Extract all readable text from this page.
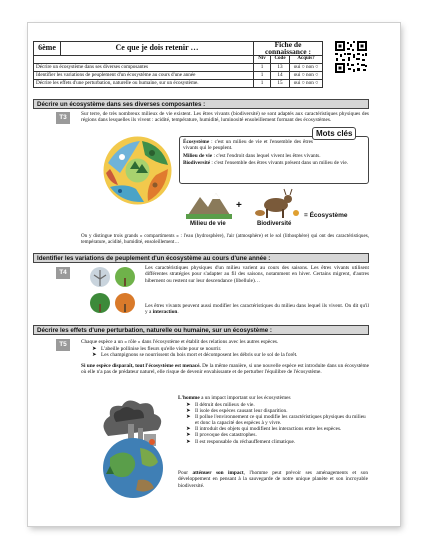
6ème	Ce que je dois retenir …	Fiche de connaissance :		
		Niv	Code	Acquis?
Décrire un écosystème dans ses diverses composantes		1	13	oui ○ non ○
Identifier les variations de peuplement d'un écosystème au cours d'une année		1	14	oui ○ non ○
Décrire les effets d'une perturbation, naturelle ou humaine, sur un écosystème.		1	15	oui ○ non ○
Décrire un écosystème dans ses diverses composantes :
T3	Sur terre, de très nombreux milieux de vie existent. Les êtres vivants (biodiversité) se sont adaptés aux caractéristiques physiques des régions dans lesquelles ils vivent : acidité, température, humidité, luminosité ensoleillement formant des écosystèmes.
Mots clés
Écosystème : c'est un milieu de vie et l'ensemble des êtres vivants qui le peuplent.
Milieu de vie : c'est l'endroit dans lequel vivent les êtres vivants.
Biodiversité : c'est l'ensemble des êtres vivants présent dans un milieu de vie.
Milieu de vie
+
Biodiversité
= Écosystème
On y distingue trois grands « compartiments » : l'eau (hydrosphère), l'air (atmosphère) et le sol (lithosphère) qui ont des caractéristiques, température, acidité, humidité, ensoleillement…
Identifier les variations de peuplement d'un écosystème au cours d'une année :
T4
Les caractéristiques physiques d'un milieu varient au cours des saisons. Les êtres vivants utilisent différentes stratégies pour s'adapter au fil des saisons, notamment en hiver. Certains migrent, d'autres hibernent ou restent sur leur descendance (libellule)…
Les êtres vivants peuvent aussi modifier les caractéristiques du milieu dans lequel ils vivent. On dit qu'il y a interaction.
Décrire les effets d'une perturbation, naturelle ou humaine, sur un écosystème :
T5	Chaque espèce a un « rôle » dans l'écosystème et établit des relations avec les autres espèces.
➤ L'abeille pollinise les fleurs qu'elle visite pour se nourrir.
➤ Les champignons se nourrissent du bois mort et décomposent les débris sur le sol de la forêt.
Si une espèce disparaît, tout l'écosystème est menacé. De la même manière, si une nouvelle espèce est introduite dans un écosystème où elle n'a pas de prédateur naturel, elle risque de devenir envahissante et de perturber l'équilibre de l'écosystème.
L'homme a un impact important sur les écosystèmes
➤ Il détruit des milieux de vie.
➤ Il isole des espèces causant leur disparition.
➤ Il pollue l'environnement ce qui modifie les caractéristiques physiques du milieu et donc la capacité des espèces à y vivre.
➤ Il introduit des objets qui modifient les interactions entre les espèces.
➤ Il provoque des catastrophes.
➤ Il est responsable du réchauffement climatique.
Pour atténuer son impact, l'homme peut prévoir ses aménagements et son développement en pensant à la sauvegarde de notre unique planète et son incroyable biodiversité.
